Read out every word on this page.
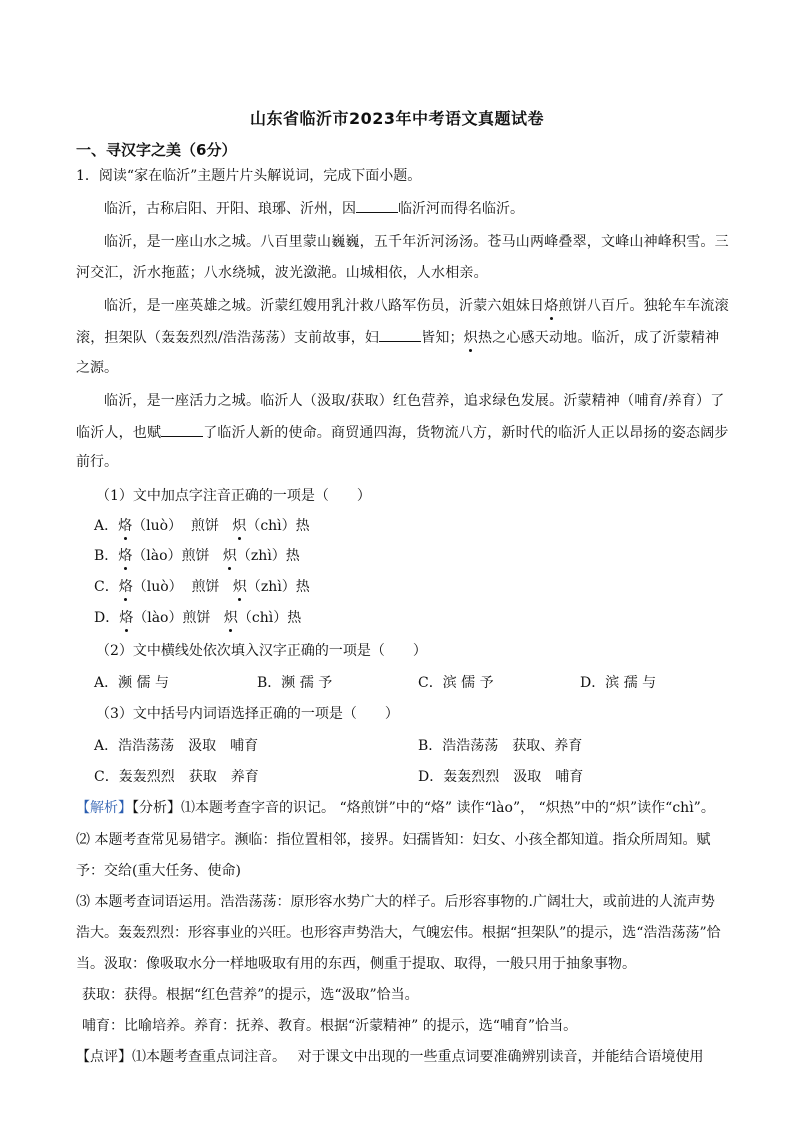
山东省临沂市2023年中考语文真题试卷
一、寻汉字之美（6分）
1．阅读“家在临沂”主题片片头解说词，完成下面小题。
临沂，古称启阳、开阳、琅琊、沂州，因	临沂河而得名临沂。
临沂，是一座山水之城。八百里蒙山巍巍，五千年沂河汤汤。苍马山两峰叠翠，文峰山神峰积雪。三
河交汇，沂水拖蓝；八水绕城，波光潋滟。山城相依，人水相亲。
临沂，是一座英雄之城。沂蒙红嫂用乳汁救八路军伤员，沂蒙六姐妹日烙煎饼八百斤。独轮车车流滚
滚，担架队（轰轰烈烈/浩浩荡荡）支前故事，妇	皆知；炽热之心感天动地。临沂，成了沂蒙精神
之源。
临沂，是一座活力之城。临沂人（汲取/获取）红色营养，追求绿色发展。沂蒙精神（哺育/养育）了
临沂人，也赋	了临沂人新的使命。商贸通四海，货物流八方，新时代的临沂人正以昂扬的姿态阔步
前行。
（1）文中加点字注音正确的一项是（　　）
A．烙（luò） 煎饼 炽（chì）热
B．烙（lào）煎饼 炽（zhì）热
C．烙（luò） 煎饼 炽（zhì）热
D．烙（lào）煎饼 炽（chì）热
（2）文中横线处依次填入汉字正确的一项是（　　）
A．濒 儒 与	B．濒 孺 予	C．滨 儒 予	D．滨 孺 与
（3）文中括号内词语选择正确的一项是（　　）
A．浩浩荡荡　汲取　哺育	B．浩浩荡荡　获取、养育
C．轰轰烈烈　获取　养育	D．轰轰烈烈　汲取　哺育
【解析】【分析】⑴本题考查字音的识记。 “烙煎饼”中的“烙” 读作“lào”， “炽热”中的“炽”读作“chì”。
⑵ 本题考查常见易错字。濒临：指位置相邻，接界。妇孺皆知：妇女、小孩全都知道。指众所周知。赋
予：交给(重大任务、使命)
⑶ 本题考查词语运用。浩浩荡荡：原形容水势广大的样子。后形容事物的.广阔壮大，或前进的人流声势
浩大。轰轰烈烈：形容事业的兴旺。也形容声势浩大，气魄宏伟。根据“担架队”的提示，选“浩浩荡荡”恰
当。汲取：像吸取水分一样地吸取有用的东西，侧重于提取、取得，一般只用于抽象事物。
获取：获得。根据“红色营养”的提示，选“汲取”恰当。
哺育：比喻培养。养育：抚养、教育。根据“沂蒙精神” 的提示，选“哺育”恰当。
【点评】⑴本题考查重点词注音。　 对于课文中出现的一些重点词要准确辨别读音，并能结合语境使用
